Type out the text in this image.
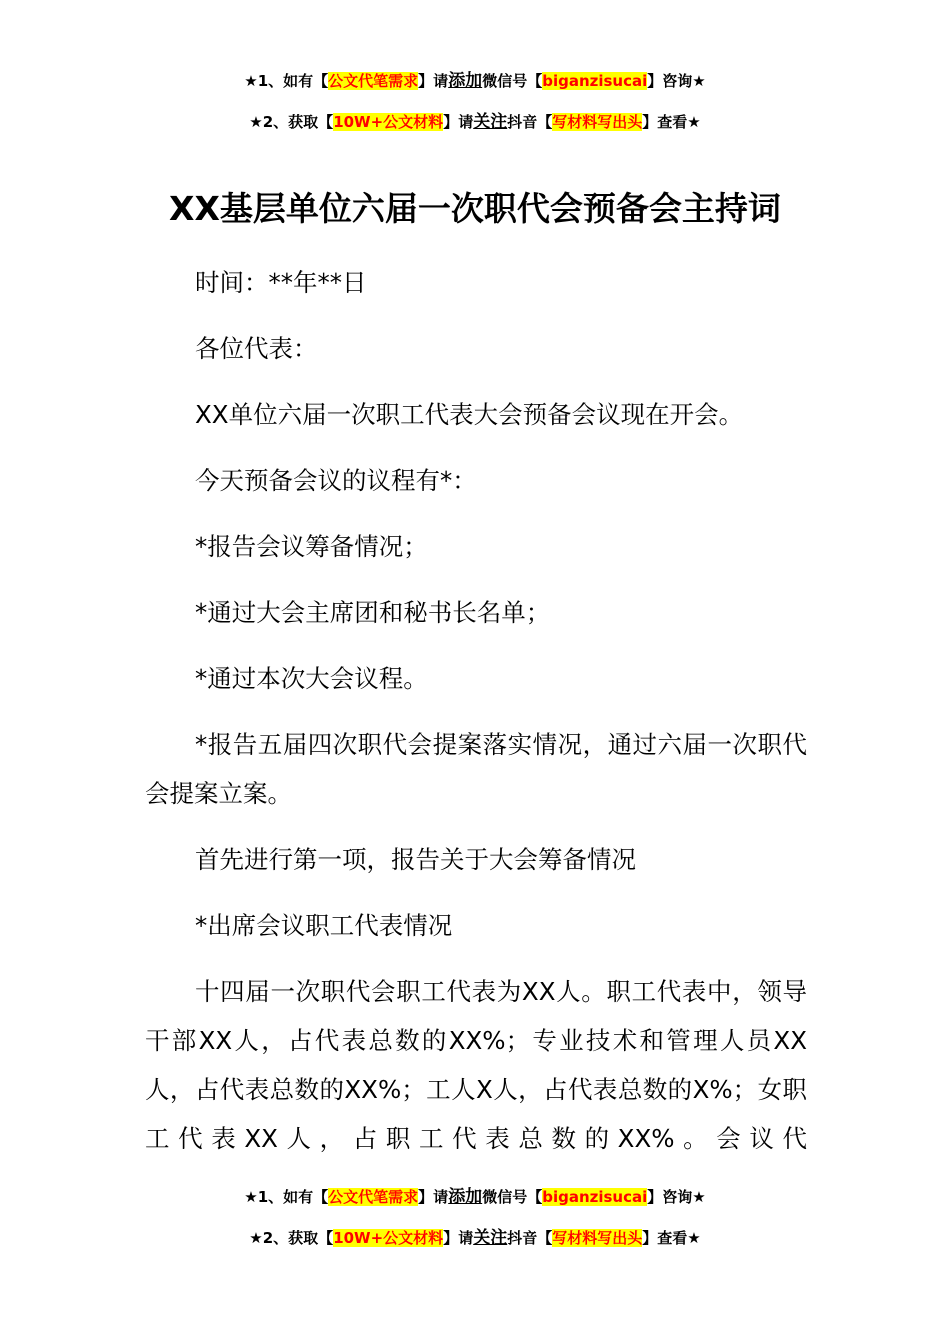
★1、如有【公文代笔需求】请添加微信号【biganzisucai】咨询★
★2、获取【10W+公文材料】请关注抖音【写材料写出头】查看★
XX基层单位六届一次职代会预备会主持词

时间：**年**日

各位代表：

XX单位六届一次职工代表大会预备会议现在开会。

今天预备会议的议程有*：

*报告会议筹备情况；

*通过大会主席团和秘书长名单；

*通过本次大会议程。

*报告五届四次职代会提案落实情况，通过六届一次职代会提案立案。

首先进行第一项，报告关于大会筹备情况

*出席会议职工代表情况

十四届一次职代会职工代表为XX人。职工代表中，领导干部XX人，占代表总数的XX%；专业技术和管理人员XX人，占代表总数的XX%；工人X人，占代表总数的X%；女职工代表XX人，占职工代表总数的XX%。会议代

★1、如有【公文代笔需求】请添加微信号【biganzisucai】咨询★
★2、获取【10W+公文材料】请关注抖音【写材料写出头】查看★
